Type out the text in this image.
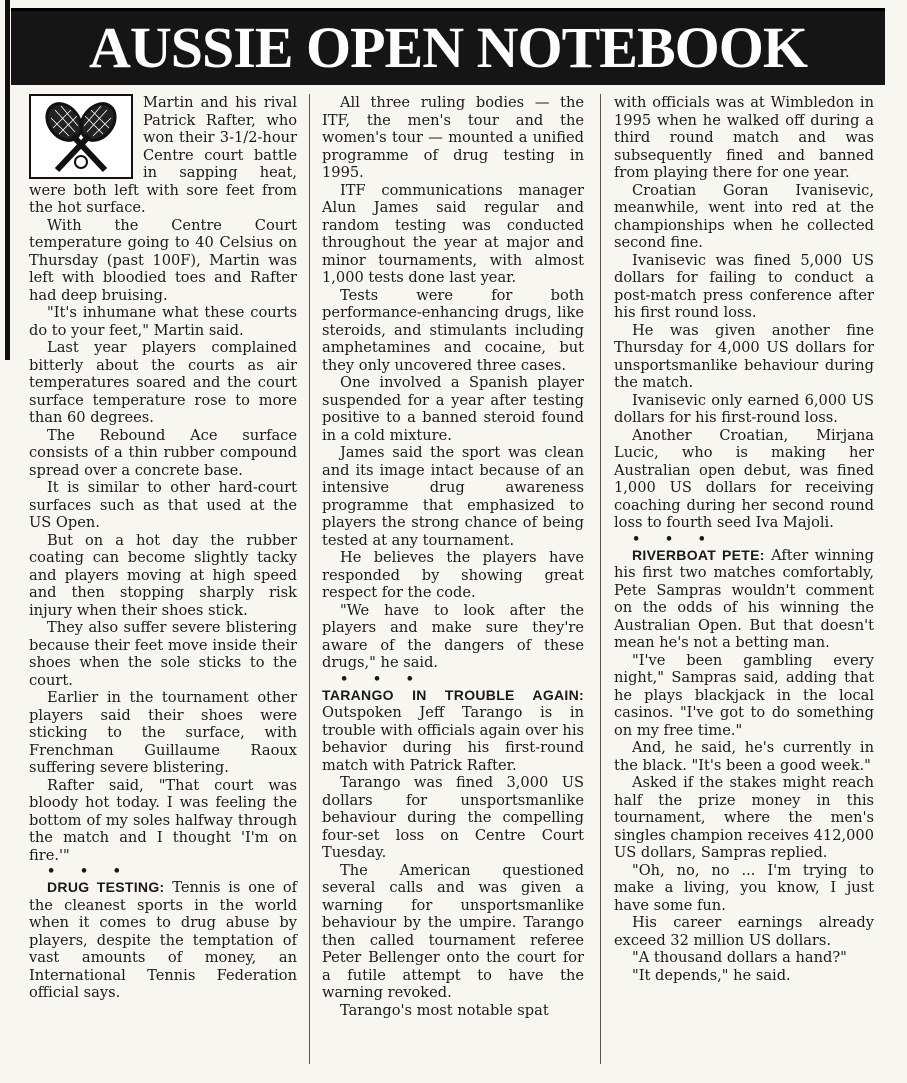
AUSSIE OPEN NOTEBOOK

Martin and his rival Patrick Rafter, who won their 3-1/2-hour Centre court battle in sapping heat, were both left with sore feet from the hot surface.

With the Centre Court temperature going to 40 Celsius on Thursday (past 100F), Martin was left with bloodied toes and Rafter had deep bruising.

"It's inhumane what these courts do to your feet," Martin said.

Last year players complained bitterly about the courts as air temperatures soared and the court surface temperature rose to more than 60 degrees.

The Rebound Ace surface consists of a thin rubber compound spread over a concrete base.

It is similar to other hard-court surfaces such as that used at the US Open.

But on a hot day the rubber coating can become slightly tacky and players moving at high speed and then stopping sharply risk injury when their shoes stick.

They also suffer severe blistering because their feet move inside their shoes when the sole sticks to the court.

Earlier in the tournament other players said their shoes were sticking to the surface, with Frenchman Guillaume Raoux suffering severe blistering.

Rafter said, "That court was bloody hot today. I was feeling the bottom of my soles halfway through the match and I thought 'I'm on fire.'"

• • •

DRUG TESTING: Tennis is one of the cleanest sports in the world when it comes to drug abuse by players, despite the temptation of vast amounts of money, an International Tennis Federation official says.

All three ruling bodies — the ITF, the men's tour and the women's tour — mounted a unified programme of drug testing in 1995.

ITF communications manager Alun James said regular and random testing was conducted throughout the year at major and minor tournaments, with almost 1,000 tests done last year.

Tests were for both performance-enhancing drugs, like steroids, and stimulants including amphetamines and cocaine, but they only uncovered three cases.

One involved a Spanish player suspended for a year after testing positive to a banned steroid found in a cold mixture.

James said the sport was clean and its image intact because of an intensive drug awareness programme that emphasized to players the strong chance of being tested at any tournament.

He believes the players have responded by showing great respect for the code.

"We have to look after the players and make sure they're aware of the dangers of these drugs," he said.

• • •

TARANGO IN TROUBLE AGAIN: Outspoken Jeff Tarango is in trouble with officials again over his behavior during his first-round match with Patrick Rafter.

Tarango was fined 3,000 US dollars for unsportsmanlike behaviour during the compelling four-set loss on Centre Court Tuesday.

The American questioned several calls and was given a warning for unsportsmanlike behaviour by the umpire. Tarango then called tournament referee Peter Bellenger onto the court for a futile attempt to have the warning revoked.

Tarango's most notable spat

with officials was at Wimbledon in 1995 when he walked off during a third round match and was subsequently fined and banned from playing there for one year.

Croatian Goran Ivanisevic, meanwhile, went into red at the championships when he collected second fine.

Ivanisevic was fined 5,000 US dollars for failing to conduct a post-match press conference after his first round loss.

He was given another fine Thursday for 4,000 US dollars for unsportsmanlike behaviour during the match.

Ivanisevic only earned 6,000 US dollars for his first-round loss.

Another Croatian, Mirjana Lucic, who is making her Australian open debut, was fined 1,000 US dollars for receiving coaching during her second round loss to fourth seed Iva Majoli.

• • •

RIVERBOAT PETE: After winning his first two matches comfortably, Pete Sampras wouldn't comment on the odds of his winning the Australian Open. But that doesn't mean he's not a betting man.

"I've been gambling every night," Sampras said, adding that he plays blackjack in the local casinos. "I've got to do something on my free time."

And, he said, he's currently in the black. "It's been a good week."

Asked if the stakes might reach half the prize money in this tournament, where the men's singles champion receives 412,000 US dollars, Sampras replied.

"Oh, no, no ... I'm trying to make a living, you know, I just have some fun.

His career earnings already exceed 32 million US dollars.

"A thousand dollars a hand?"

"It depends," he said.
